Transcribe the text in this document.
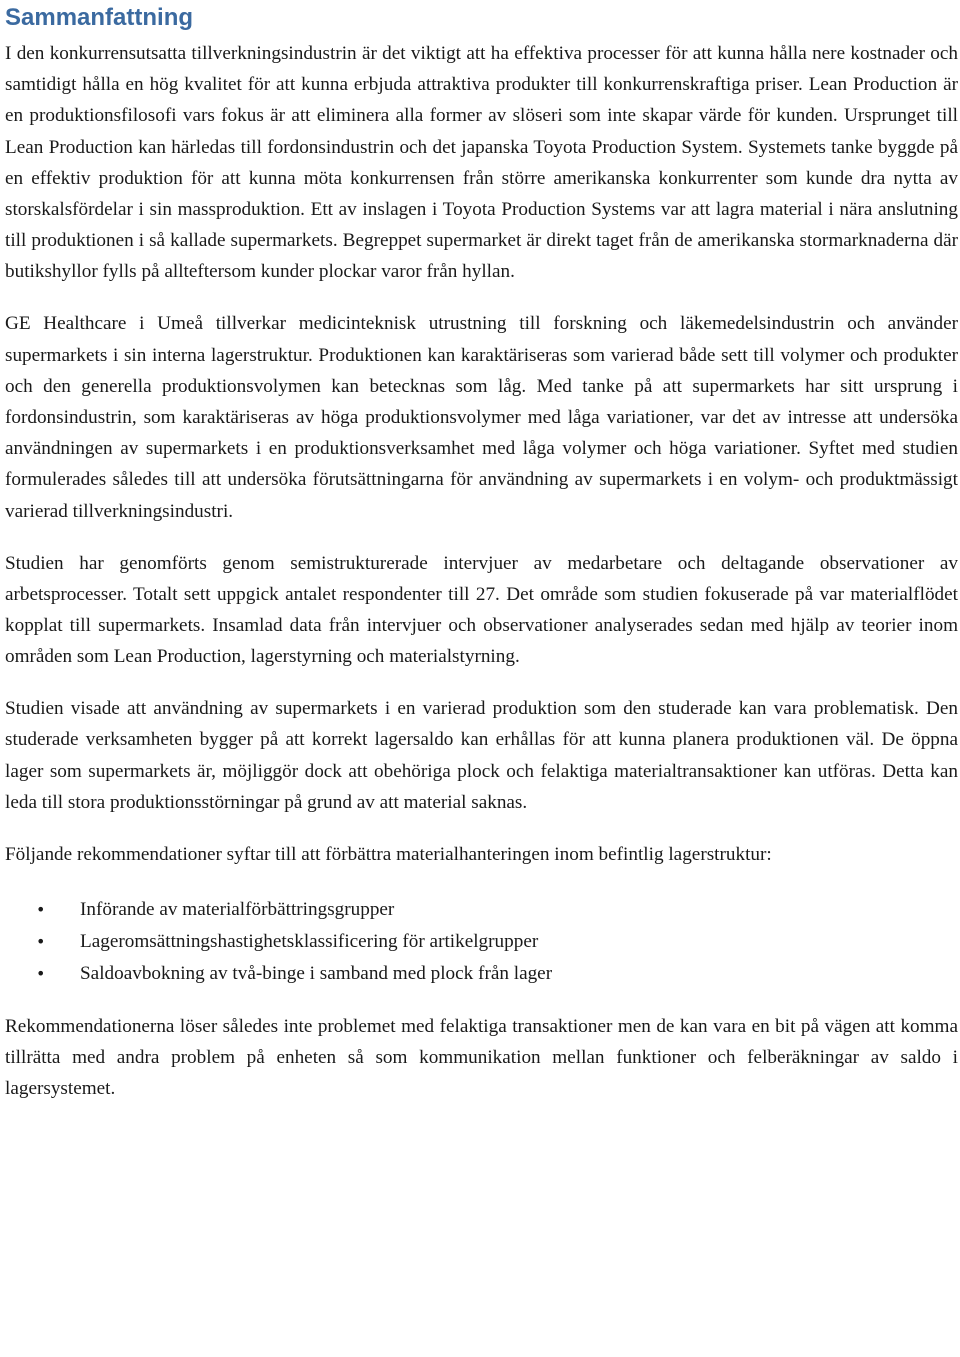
Sammanfattning

I den konkurrensutsatta tillverkningsindustrin är det viktigt att ha effektiva processer för att kunna hålla nere kostnader och samtidigt hålla en hög kvalitet för att kunna erbjuda attraktiva produkter till konkurrenskraftiga priser. Lean Production är en produktionsfilosofi vars fokus är att eliminera alla former av slöseri som inte skapar värde för kunden. Ursprunget till Lean Production kan härledas till fordonsindustrin och det japanska Toyota Production System. Systemets tanke byggde på en effektiv produktion för att kunna möta konkurrensen från större amerikanska konkurrenter som kunde dra nytta av storskalsfördelar i sin massproduktion. Ett av inslagen i Toyota Production Systems var att lagra material i nära anslutning till produktionen i så kallade supermarkets. Begreppet supermarket är direkt taget från de amerikanska stormarknaderna där butikshyllor fylls på allteftersom kunder plockar varor från hyllan.

GE Healthcare i Umeå tillverkar medicinteknisk utrustning till forskning och läkemedelsindustrin och använder supermarkets i sin interna lagerstruktur. Produktionen kan karaktäriseras som varierad både sett till volymer och produkter och den generella produktionsvolymen kan betecknas som låg. Med tanke på att supermarkets har sitt ursprung i fordonsindustrin, som karaktäriseras av höga produktionsvolymer med låga variationer, var det av intresse att undersöka användningen av supermarkets i en produktionsverksamhet med låga volymer och höga variationer. Syftet med studien formulerades således till att undersöka förutsättningarna för användning av supermarkets i en volym- och produktmässigt varierad tillverkningsindustri.

Studien har genomförts genom semistrukturerade intervjuer av medarbetare och deltagande observationer av arbetsprocesser. Totalt sett uppgick antalet respondenter till 27. Det område som studien fokuserade på var materialflödet kopplat till supermarkets. Insamlad data från intervjuer och observationer analyserades sedan med hjälp av teorier inom områden som Lean Production, lagerstyrning och materialstyrning.

Studien visade att användning av supermarkets i en varierad produktion som den studerade kan vara problematisk. Den studerade verksamheten bygger på att korrekt lagersaldo kan erhållas för att kunna planera produktionen väl. De öppna lager som supermarkets är, möjliggör dock att obehöriga plock och felaktiga materialtransaktioner kan utföras. Detta kan leda till stora produktionsstörningar på grund av att material saknas.

Följande rekommendationer syftar till att förbättra materialhanteringen inom befintlig lagerstruktur:

• Införande av materialförbättringsgrupper
• Lageromsättningshastighetsklassificering för artikelgrupper
• Saldoavbokning av två-binge i samband med plock från lager

Rekommendationerna löser således inte problemet med felaktiga transaktioner men de kan vara en bit på vägen att komma tillrätta med andra problem på enheten så som kommunikation mellan funktioner och felberäkningar av saldo i lagersystemet.
